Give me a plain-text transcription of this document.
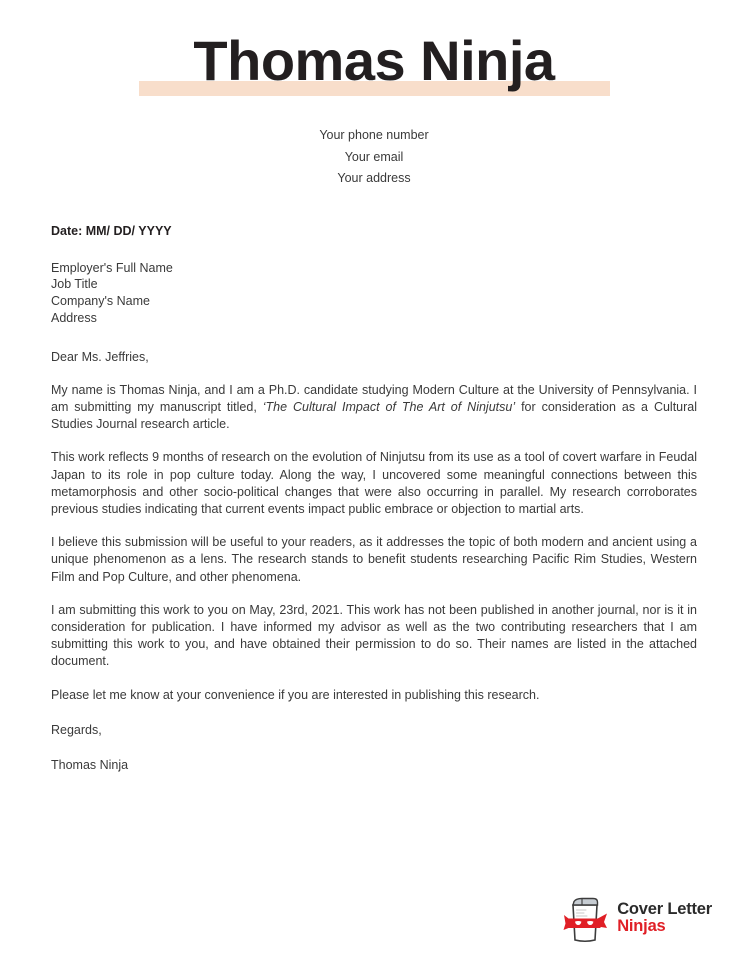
Thomas Ninja
Your phone number
Your email
Your address
Date: MM/ DD/ YYYY
Employer's Full Name
Job Title
Company's Name
Address
Dear Ms. Jeffries,

My name is Thomas Ninja, and I am a Ph.D. candidate studying Modern Culture at the University of Pennsylvania. I am submitting my manuscript titled, ‘The Cultural Impact of The Art of Ninjutsu’ for consideration as a Cultural Studies Journal research article.

This work reflects 9 months of research on the evolution of Ninjutsu from its use as a tool of covert warfare in Feudal Japan to its role in pop culture today. Along the way, I uncovered some meaningful connections between this metamorphosis and other socio-political changes that were also occurring in parallel. My research corroborates previous studies indicating that current events impact public embrace or objection to martial arts.

I believe this submission will be useful to your readers, as it addresses the topic of both modern and ancient using a unique phenomenon as a lens. The research stands to benefit students researching Pacific Rim Studies, Western Film and Pop Culture, and other phenomena.

I am submitting this work to you on May, 23rd, 2021. This work has not been published in another journal, nor is it in consideration for publication. I have informed my advisor as well as the two contributing researchers that I am submitting this work to you, and have obtained their permission to do so. Their names are listed in the attached document.

Please let me know at your convenience if you are interested in publishing this research.

Regards,
Thomas Ninja
Cover Letter
Ninjas
